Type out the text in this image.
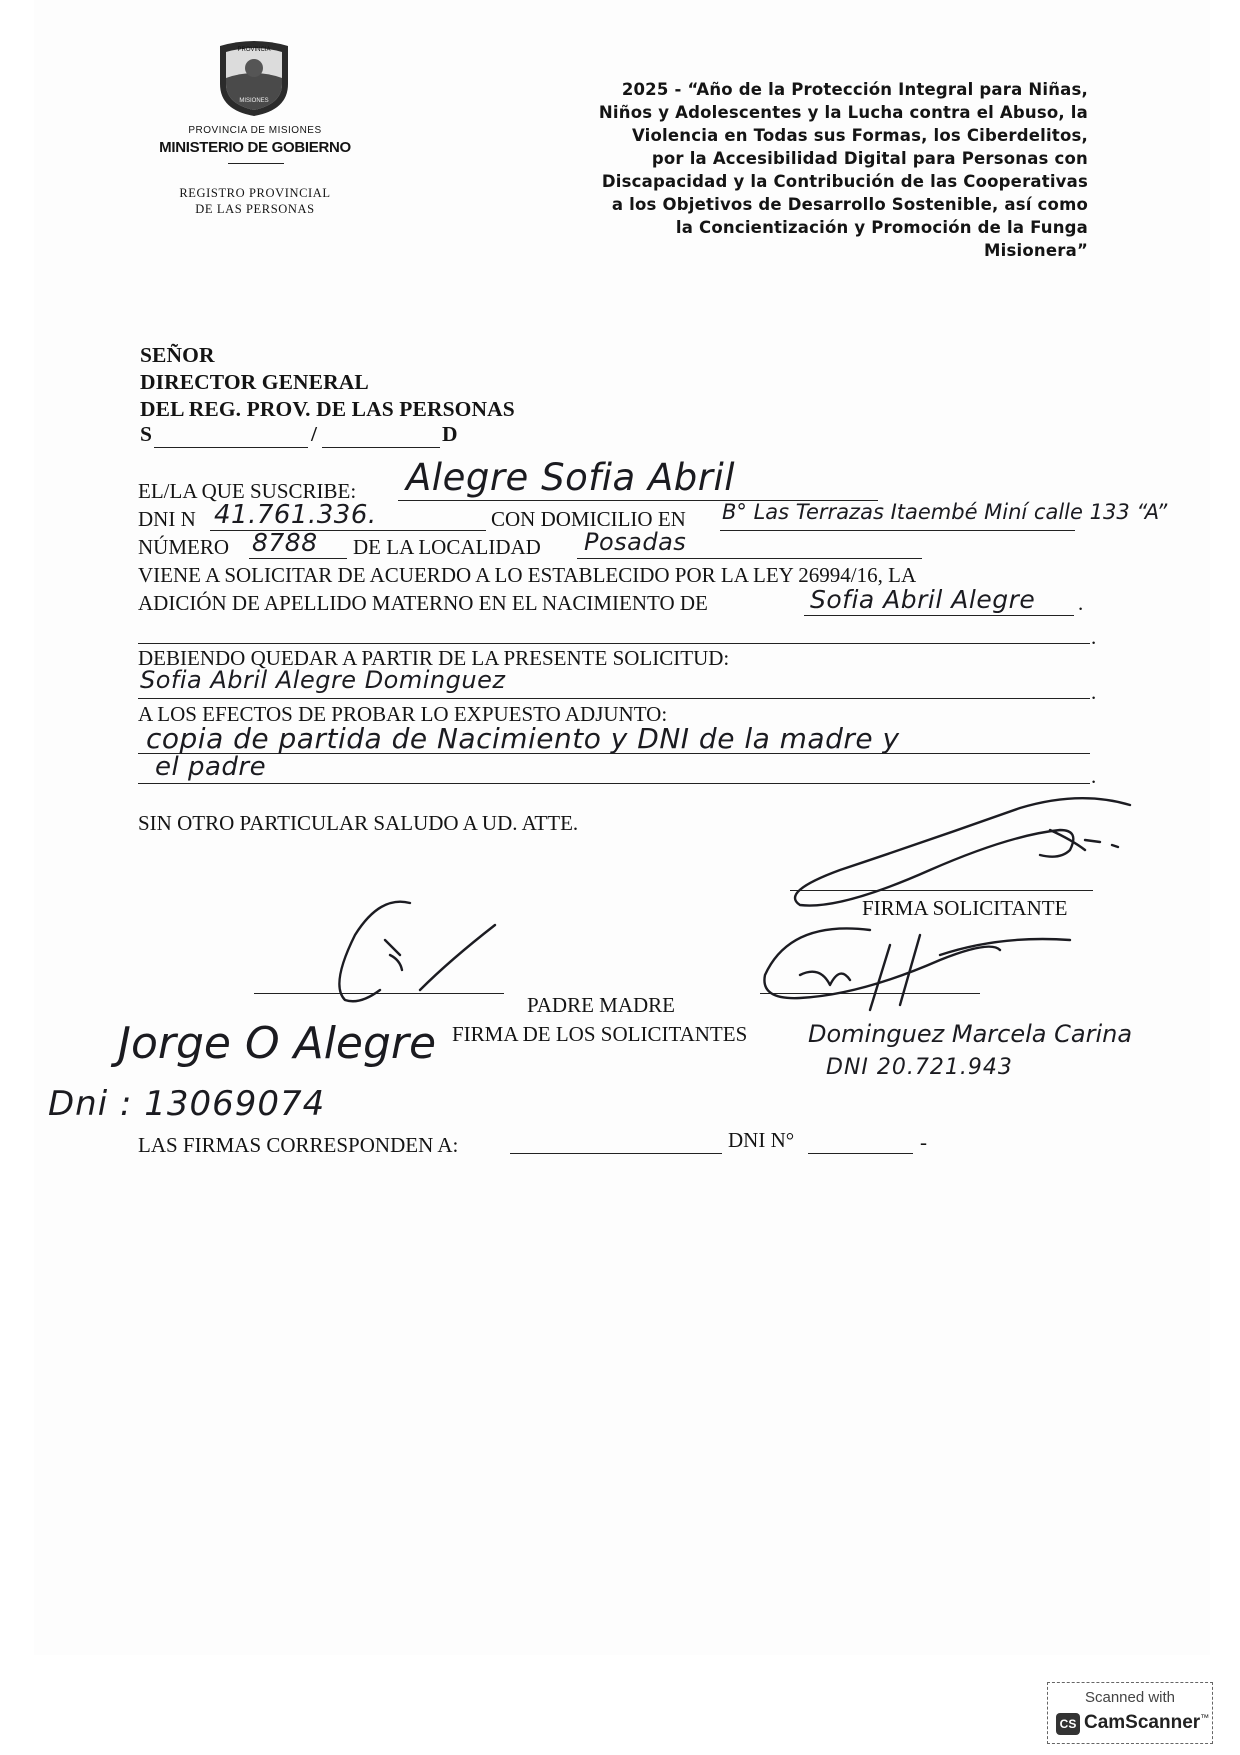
PROVINCIA
MISIONES
PROVINCIA DE MISIONES
MINISTERIO DE GOBIERNO
REGISTRO PROVINCIAL
DE LAS PERSONAS
2025 - “Año de la Protección Integral para Niñas,
Niños y Adolescentes y la Lucha contra el Abuso, la
Violencia en Todas sus Formas, los Ciberdelitos,
por la Accesibilidad Digital para Personas con
Discapacidad y la Contribución de las Cooperativas
a los Objetivos de Desarrollo Sostenible, así como
la Concientización y Promoción de la Funga
Misionera”
SEÑOR
DIRECTOR GENERAL
DEL REG. PROV. DE LAS PERSONAS
S	/	D
EL/LA QUE SUSCRIBE: Alegre Sofia Abril
DNI N 41.761.336.	CON DOMICILIO EN B° Las Terrazas Itaembé Miní calle 133 “A”
NÚMERO 8788 DE LA LOCALIDAD Posadas
VIENE A SOLICITAR DE ACUERDO A LO ESTABLECIDO POR LA LEY 26994/16, LA
ADICIÓN DE APELLIDO MATERNO EN EL NACIMIENTO DE	Sofia Abril Alegre .
.
DEBIENDO QUEDAR A PARTIR DE LA PRESENTE SOLICITUD:
Sofia Abril Alegre Dominguez	.
A LOS EFECTOS DE PROBAR LO EXPUESTO ADJUNTO:
copia de partida de Nacimiento y DNI de la madre y
el padre	.
SIN OTRO PARTICULAR SALUDO A UD. ATTE.
FIRMA SOLICITANTE
PADRE MADRE
FIRMA DE LOS SOLICITANTES
Jorge O Alegre
Dni : 13069074
Dominguez Marcela Carina
DNI 20.721.943
LAS FIRMAS CORRESPONDEN A:	DNI N°	-
Scanned with
CS CamScanner™
